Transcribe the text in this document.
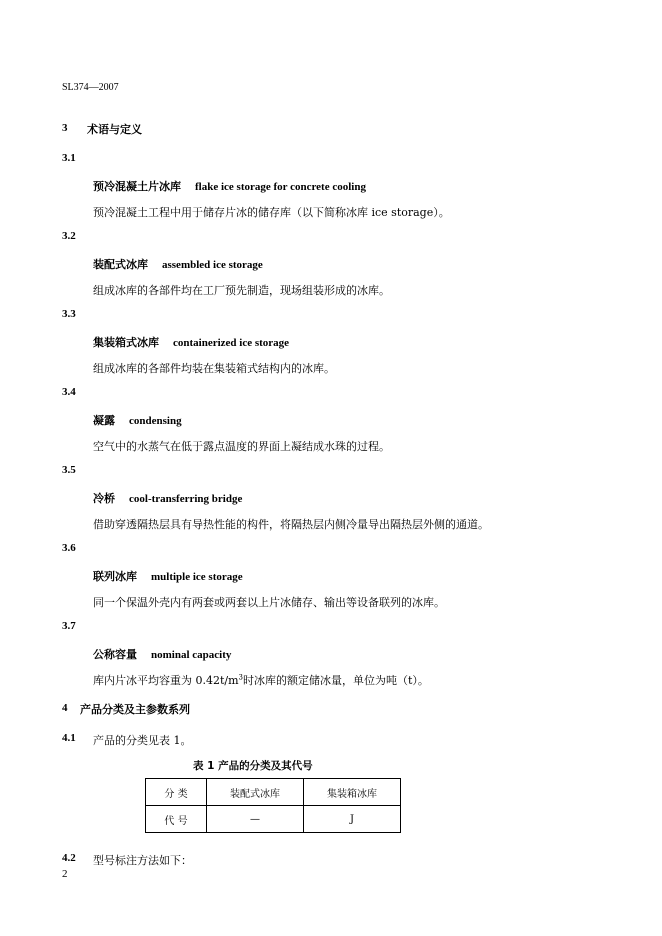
SL374—2007
3 术语与定义
3.1
预冷混凝土片冰库 flake ice storage for concrete cooling
预冷混凝土工程中用于储存片冰的储存库（以下简称冰库 ice storage）。
3.2
装配式冰库 assembled ice storage
组成冰库的各部件均在工厂预先制造，现场组装形成的冰库。
3.3
集装箱式冰库 containerized ice storage
组成冰库的各部件均装在集装箱式结构内的冰库。
3.4
凝露 condensing
空气中的水蒸气在低于露点温度的界面上凝结成水珠的过程。
3.5
冷桥 cool-transferring bridge
借助穿透隔热层具有导热性能的构件，将隔热层内侧冷量导出隔热层外侧的通道。
3.6
联列冰库 multiple ice storage
同一个保温外壳内有两套或两套以上片冰储存、输出等设备联列的冰库。
3.7
公称容量 nominal capacity
库内片冰平均容重为 $0.42t/m^3$时冰库的额定储冰量，单位为吨（t）。
4 产品分类及主参数系列
4.1 产品的分类见表 1。
表 1 产品的分类及其代号
分 类	装配式冰库	集装箱冰库
代 号	—	J
4.2 型号标注方法如下：
2
